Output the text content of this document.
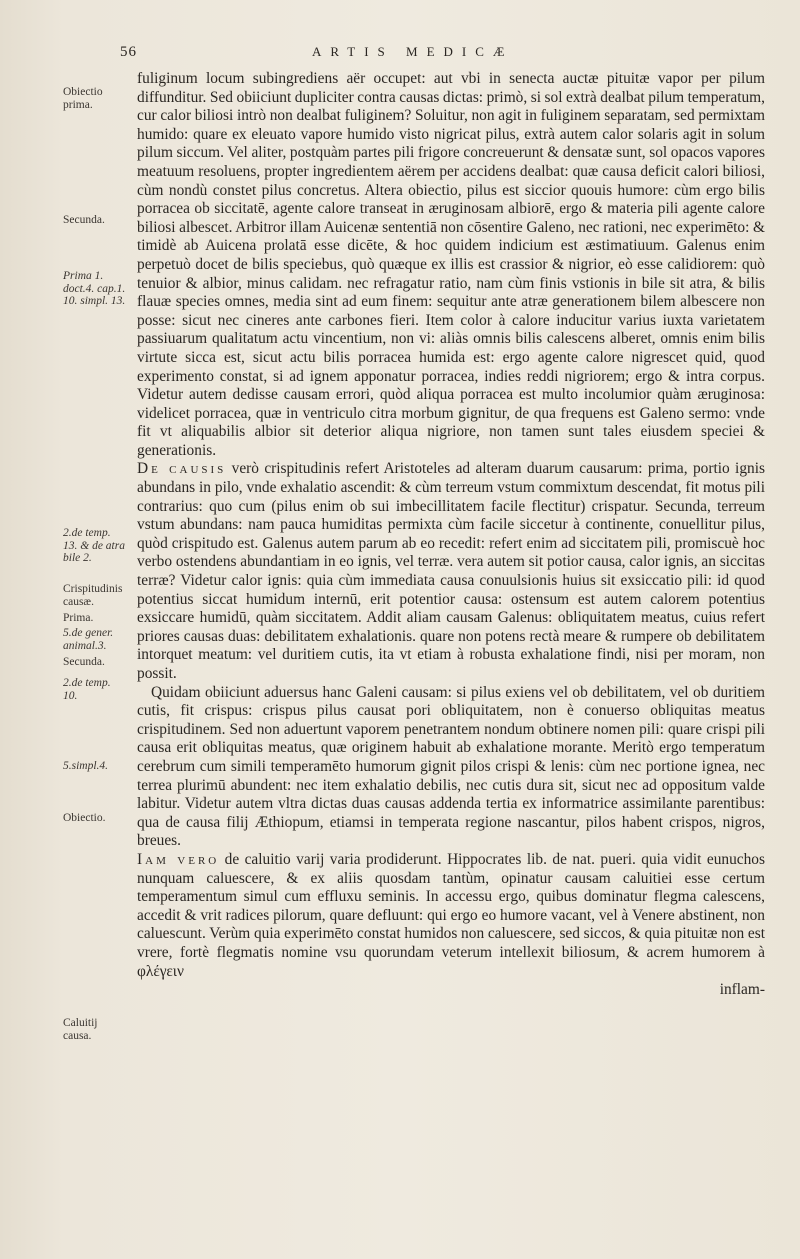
56	ARTIS MEDICÆ
Obiectio prima.
Secunda.
Prima 1. doct.4. cap.1. 10. simpl. 13.
2.de temp. 13. & de atra bile 2.
Crispitudinis causæ.
Prima.
5.de gener. animal.3.
Secunda.
2.de temp. 10.
5.simpl.4.
Obiectio.
Caluitij causa.

fuliginum locum subingrediens aër occupet: aut vbi in senecta auctæ pituitæ vapor per pilum diffunditur. Sed obiiciunt dupliciter contra causas dictas: primò, si sol extrà dealbat pilum temperatum, cur calor biliosi intrò non dealbat fuliginem? Soluitur, non agit in fuliginem separatam, sed permixtam humido: quare ex eleuato vapore humido visto nigricat pilus, extrà autem calor solaris agit in solum pilum siccum. Vel aliter, postquàm partes pili frigore concreuerunt & densatæ sunt, sol opacos vapores meatuum resoluens, propter ingredientem aërem per accidens dealbat: quæ causa deficit calori biliosi, cùm nondù constet pilus concretus. Altera obiectio, pilus est siccior quouis humore: cùm ergo bilis porracea ob siccitatē, agente calore transeat in æruginosam albiorē, ergo & materia pili agente calore biliosi albescet. Arbitror illam Auicenæ sententiā non cōsentire Galeno, nec rationi, nec experimēto: & timidè ab Auicena prolatā esse dicēte, & hoc quidem indicium est æstimatiuum. Galenus enim perpetuò docet de bilis speciebus, quò quæque ex illis est crassior & nigrior, eò esse calidiorem: quò tenuior & albior, minus calidam. nec refragatur ratio, nam cùm finis vstionis in bile sit atra, & bilis flauæ species omnes, media sint ad eum finem: sequitur ante atræ generationem bilem albescere non posse: sicut nec cineres ante carbones fieri. Item color à calore inducitur varius iuxta varietatem passiuarum qualitatum actu vincentium, non vi: aliàs omnis bilis calescens alberet, omnis enim bilis virtute sicca est, sicut actu bilis porracea humida est: ergo agente calore nigrescet quid, quod experimento constat, si ad ignem apponatur porracea, indies reddi nigriorem; ergo & intra corpus. Videtur autem dedisse causam errori, quòd aliqua porracea est multo incolumior quàm æruginosa: videlicet porracea, quæ in ventriculo citra morbum gignitur, de qua frequens est Galeno sermo: vnde fit vt aliquabilis albior sit deterior aliqua nigriore, non tamen sunt tales eiusdem speciei & generationis.

De causis verò crispitudinis refert Aristoteles ad alteram duarum causarum: prima, portio ignis abundans in pilo, vnde exhalatio ascendit: & cùm terreum vstum commixtum descendat, fit motus pili contrarius: quo cum (pilus enim ob sui imbecillitatem facile flectitur) crispatur. Secunda, terreum vstum abundans: nam pauca humiditas permixta cùm facile siccetur à continente, conuellitur pilus, quòd crispitudo est. Galenus autem parum ab eo recedit: refert enim ad siccitatem pili, promiscuè hoc verbo ostendens abundantiam in eo ignis, vel terræ. vera autem sit potior causa, calor ignis, an siccitas terræ? Videtur calor ignis: quia cùm immediata causa conuulsionis huius sit exsiccatio pili: id quod potentius siccat humidum internū, erit potentior causa: ostensum est autem calorem potentius exsiccare humidū, quàm siccitatem. Addit aliam causam Galenus: obliquitatem meatus, cuius refert priores causas duas: debilitatem exhalationis. quare non potens rectà meare & rumpere ob debilitatem intorquet meatum: vel duritiem cutis, ita vt etiam à robusta exhalatione findi, nisi per moram, non possit.

Quidam obiiciunt aduersus hanc Galeni causam: si pilus exiens vel ob debilitatem, vel ob duritiem cutis, fit crispus: crispus pilus causat pori obliquitatem, non è conuerso obliquitas meatus crispitudinem. Sed non aduertunt vaporem penetrantem nondum obtinere nomen pili: quare crispi pili causa erit obliquitas meatus, quæ originem habuit ab exhalatione morante. Meritò ergo temperatum cerebrum cum simili temperamēto humorum gignit pilos crispi & lenis: cùm nec portione ignea, nec terrea plurimū abundent: nec item exhalatio debilis, nec cutis dura sit, sicut nec ad oppositum valde labitur. Videtur autem vltra dictas duas causas addenda tertia ex informatrice assimilante parentibus: qua de causa filij Æthiopum, etiamsi in temperata regione nascantur, pilos habent crispos, nigros, breues.

Iam vero de caluitio varij varia prodiderunt. Hippocrates lib. de nat. pueri. quia vidit eunuchos nunquam caluescere, & ex aliis quosdam tantùm, opinatur causam caluitiei esse certum temperamentum simul cum effluxu seminis. In accessu ergo, quibus dominatur flegma calescens, accedit & vrit radices pilorum, quare defluunt: qui ergo eo humore vacant, vel à Venere abstinent, non caluescunt. Verùm quia experimēto constat humidos non caluescere, sed siccos, & quia pituitæ non est vrere, fortè flegmatis nomine vsu quorundam veterum intellexit biliosum, & acrem humorem à φλέγειν

inflam-
